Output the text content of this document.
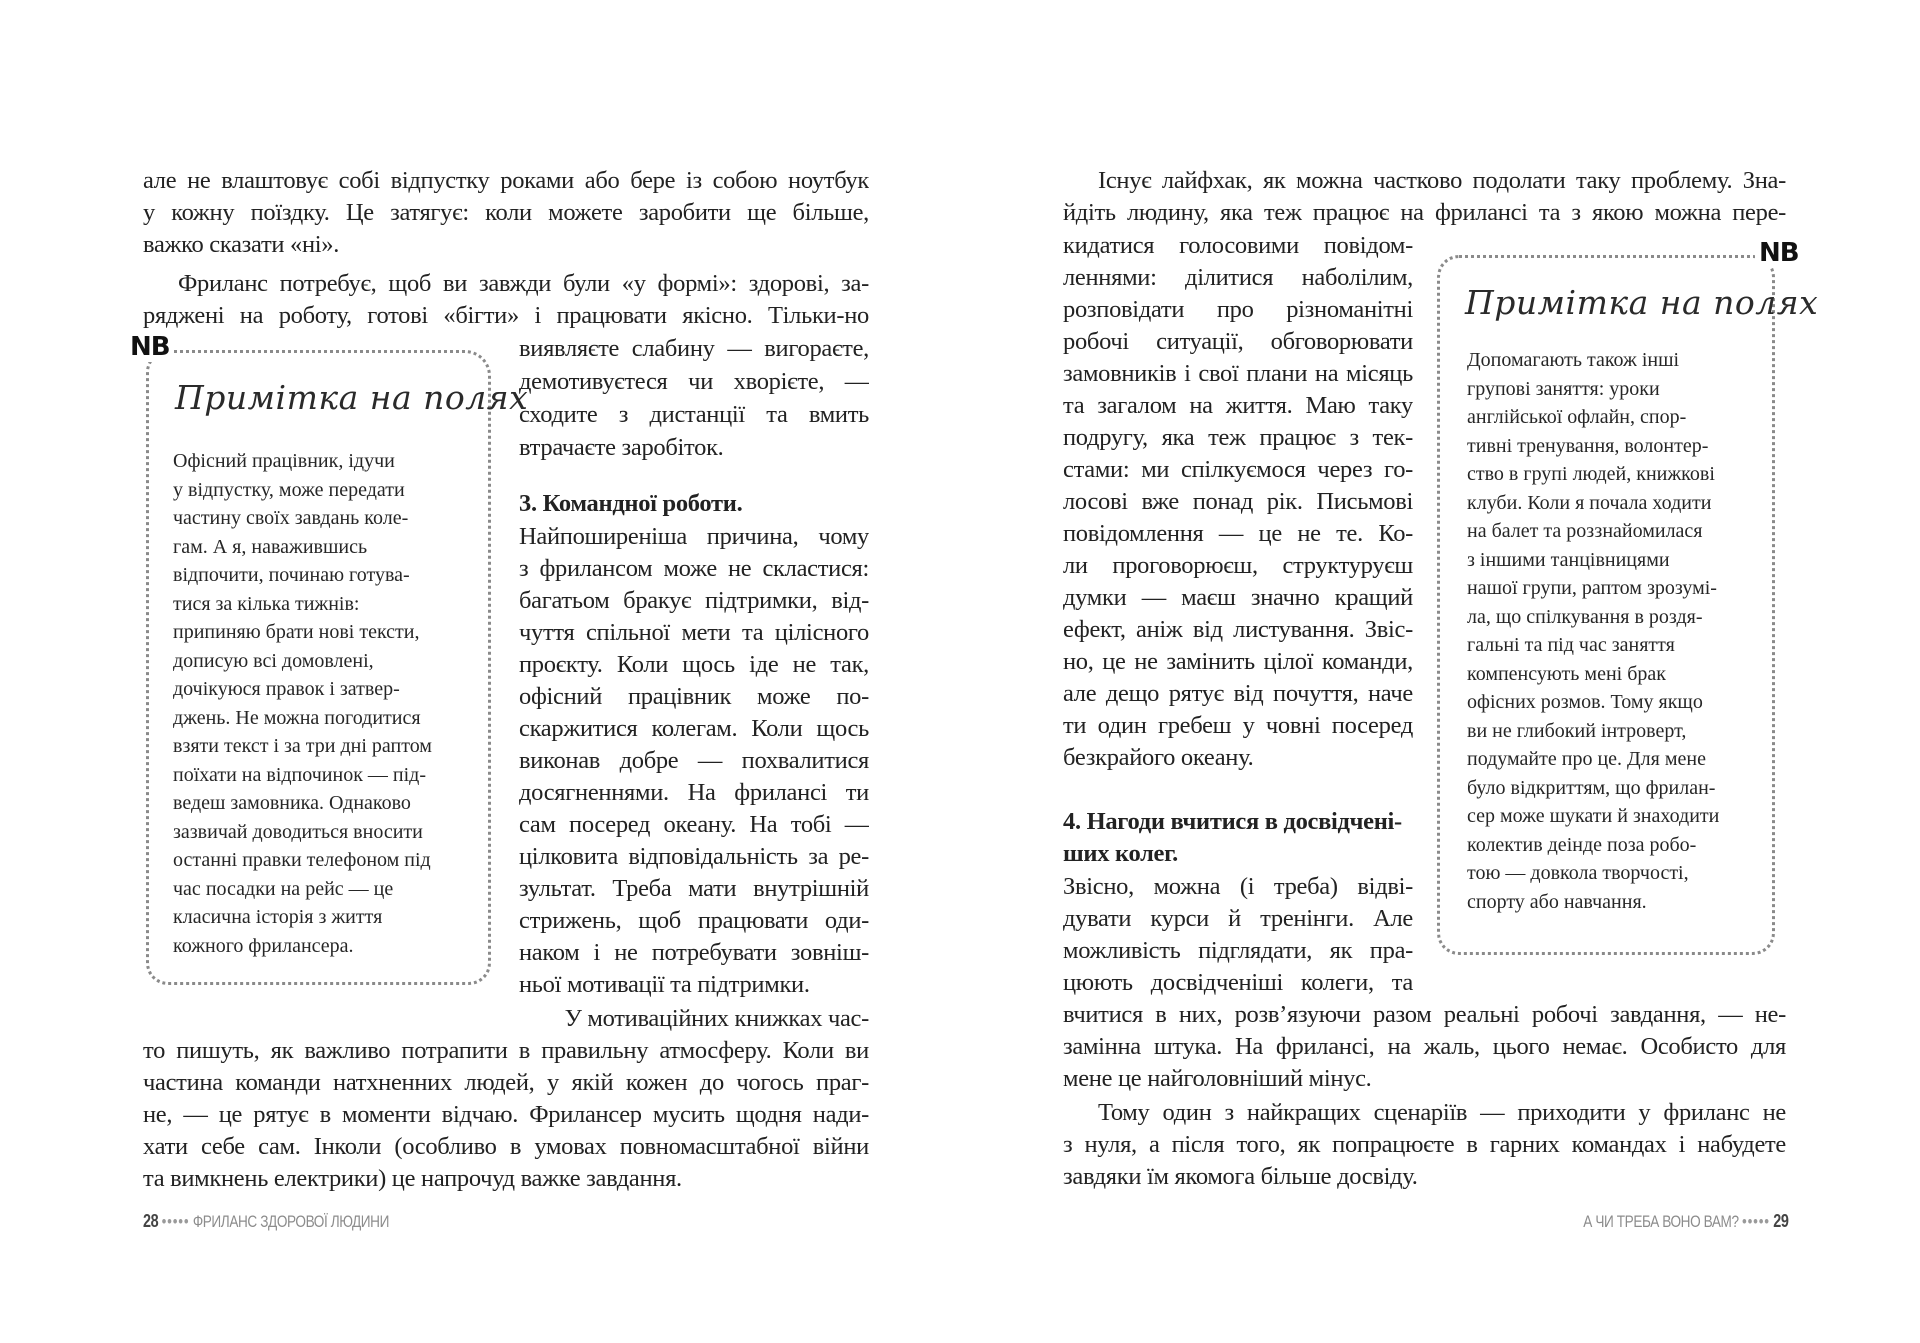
але не влаштовує собі відпустку роками або бере із собою ноутбук
у кожну поїздку. Це затягує: коли можете заробити ще більше,
важко сказати «ні».
Фриланс потребує, щоб ви завжди були «у формі»: здорові, за-
ряджені на роботу, готові «бігти» і працювати якісно. Тільки-но
виявляєте слабину — вигораєте,
демотивуєтеся чи хворієте, —
сходите з дистанції та вмить
втрачаєте заробіток.
3. Командної роботи.
Найпоширеніша причина, чому
з фрилансом може не скластися:
багатьом бракує підтримки, від-
чуття спільної мети та цілісного
проєкту. Коли щось іде не так,
офісний працівник може по-
скаржитися колегам. Коли щось
виконав добре — похвалитися
досягненнями. На фрилансі ти
сам посеред океану. На тобі —
цілковита відповідальність за ре-
зультат. Треба мати внутрішній
стрижень, щоб працювати оди-
наком і не потребувати зовніш-
ньої мотивації та підтримки.
У мотиваційних книжках час-
то пишуть, як важливо потрапити в правильну атмосферу. Коли ви
частина команди натхненних людей, у якій кожен до чогось праг-
не, — це рятує в моменти відчаю. Фрилансер мусить щодня нади-
хати себе сам. Інколи (особливо в умовах повномасштабної війни
та вимкнень електрики) це напрочуд важке завдання.
NB
Примітка на полях
Офісний працівник, ідучи
у відпустку, може передати
частину своїх завдань коле-
гам. А я, наважившись
відпочити, починаю готува-
тися за кілька тижнів:
припиняю брати нові тексти,
дописую всі домовлені,
дочікуюся правок і затвер-
джень. Не можна погодитися
взяти текст і за три дні раптом
поїхати на відпочинок — під-
ведеш замовника. Однаково
зазвичай доводиться вносити
останні правки телефоном під
час посадки на рейс — це
класична історія з життя
кожного фрилансера.
28 ••••• ФРИЛАНС ЗДОРОВОЇ ЛЮДИНИ
Існує лайфхак, як можна частково подолати таку проблему. Зна-
йдіть людину, яка теж працює на фрилансі та з якою можна пере-
кидатися голосовими повідом-
леннями: ділитися наболілим,
розповідати про різноманітні
робочі ситуації, обговорювати
замовників і свої плани на місяць
та загалом на життя. Маю таку
подругу, яка теж працює з тек-
стами: ми спілкуємося через го-
лосові вже понад рік. Письмові
повідомлення — це не те. Ко-
ли проговорюєш, структуруєш
думки — маєш значно кращий
ефект, аніж від листування. Звіс-
но, це не замінить цілої команди,
але дещо рятує від почуття, наче
ти один гребеш у човні посеред
безкрайого океану.
4. Нагоди вчитися в досвідчені-
ших колег.
Звісно, можна (і треба) відві-
дувати курси й тренінги. Але
можливість підглядати, як пра-
цюють досвідченіші колеги, та
вчитися в них, розв’язуючи разом реальні робочі завдання, — не-
замінна штука. На фрилансі, на жаль, цього немає. Особисто для
мене це найголовніший мінус.
Тому один з найкращих сценаріїв — приходити у фриланс не
з нуля, а після того, як попрацюєте в гарних командах і набудете
завдяки їм якомога більше досвіду.
NB
Примітка на полях
Допомагають також інші
групові заняття: уроки
англійської офлайн, спор-
тивні тренування, волонтер-
ство в групі людей, книжкові
клуби. Коли я почала ходити
на балет та роззнайомилася
з іншими танцівницями
нашої групи, раптом зрозумі-
ла, що спілкування в роздя-
гальні та під час заняття
компенсують мені брак
офісних розмов. Тому якщо
ви не глибокий інтроверт,
подумайте про це. Для мене
було відкриттям, що фрилан-
сер може шукати й знаходити
колектив деінде поза робо-
тою — довкола творчості,
спорту або навчання.
А ЧИ ТРЕБА ВОНО ВАМ? ••••• 29
